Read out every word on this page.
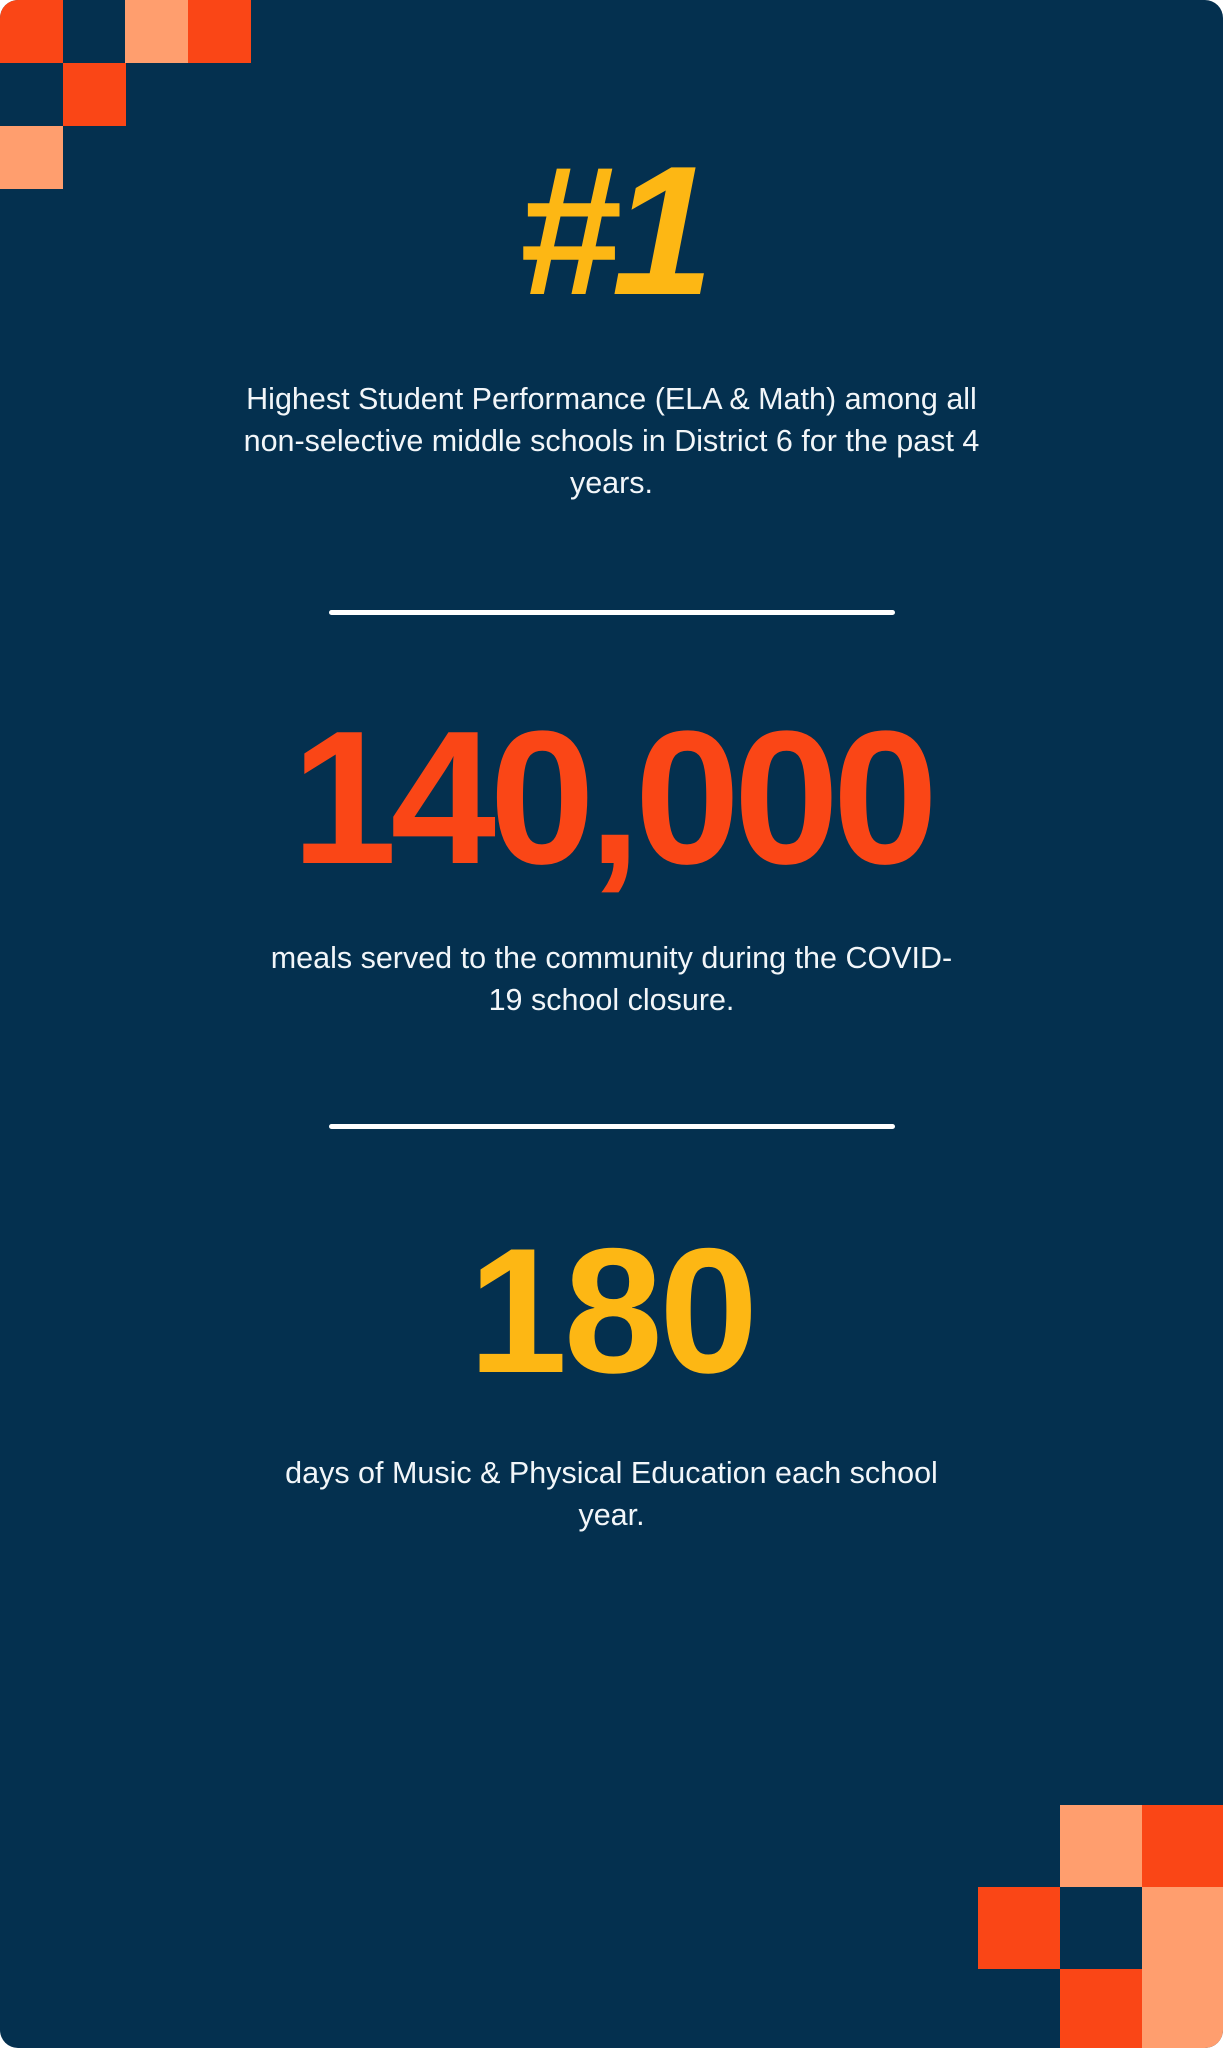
#1
Highest Student Performance (ELA & Math) among all non-selective middle schools in District 6 for the past 4 years.
140,000
meals served to the community during the COVID-19 school closure.
180
days of Music & Physical Education each school year.
